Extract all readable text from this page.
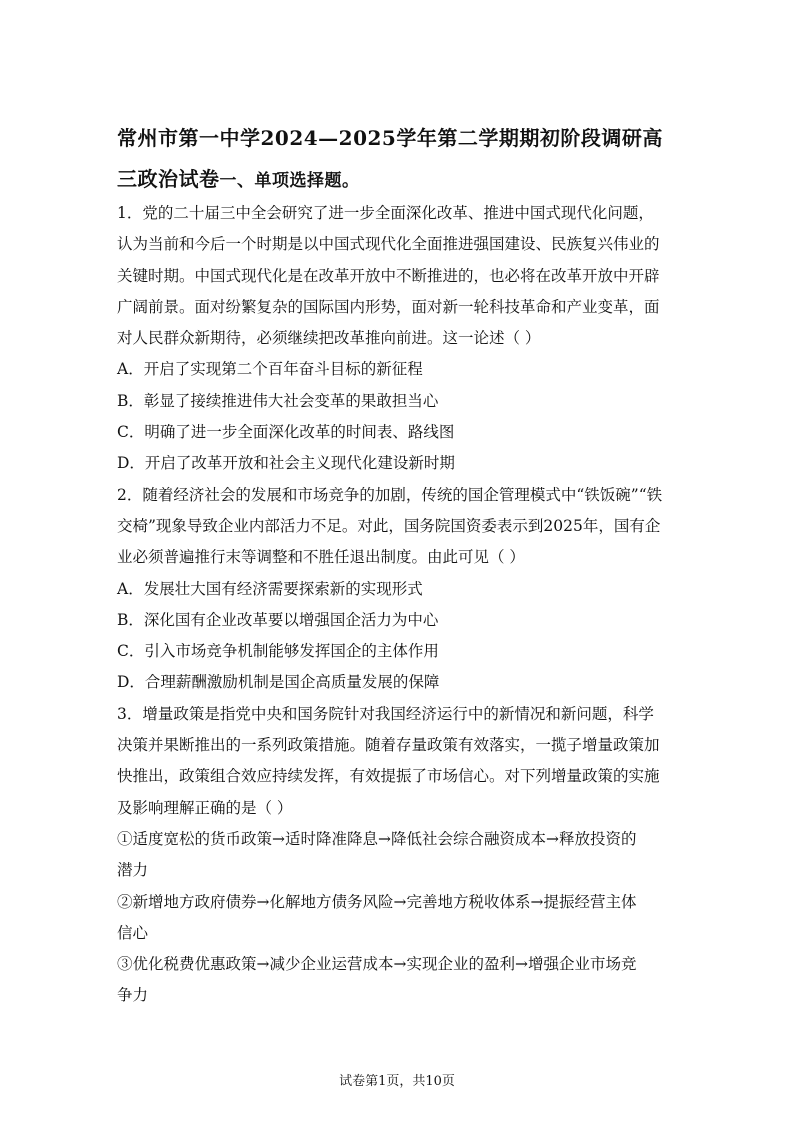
常州市第一中学2024—2025学年第二学期期初阶段调研高
三政治试卷一、单项选择题。
1．党的二十届三中全会研究了进一步全面深化改革、推进中国式现代化问题，
认为当前和今后一个时期是以中国式现代化全面推进强国建设、民族复兴伟业的
关键时期。中国式现代化是在改革开放中不断推进的，也必将在改革开放中开辟
广阔前景。面对纷繁复杂的国际国内形势，面对新一轮科技革命和产业变革，面
对人民群众新期待，必须继续把改革推向前进。这一论述（ ）
A．开启了实现第二个百年奋斗目标的新征程
B．彰显了接续推进伟大社会变革的果敢担当心
C．明确了进一步全面深化改革的时间表、路线图
D．开启了改革开放和社会主义现代化建设新时期
2．随着经济社会的发展和市场竞争的加剧，传统的国企管理模式中“铁饭碗”“铁
交椅”现象导致企业内部活力不足。对此，国务院国资委表示到2025年，国有企
业必须普遍推行末等调整和不胜任退出制度。由此可见（ ）
A．发展壮大国有经济需要探索新的实现形式
B．深化国有企业改革要以增强国企活力为中心
C．引入市场竞争机制能够发挥国企的主体作用
D．合理薪酬激励机制是国企高质量发展的保障
3．增量政策是指党中央和国务院针对我国经济运行中的新情况和新问题，科学
决策并果断推出的一系列政策措施。随着存量政策有效落实，一揽子增量政策加
快推出，政策组合效应持续发挥，有效提振了市场信心。对下列增量政策的实施
及影响理解正确的是（ ）
①适度宽松的货币政策→适时降准降息→降低社会综合融资成本→释放投资的
潜力
②新增地方政府债券→化解地方债务风险→完善地方税收体系→提振经营主体
信心
③优化税费优惠政策→减少企业运营成本→实现企业的盈利→增强企业市场竞
争力
试卷第1页，共10页
